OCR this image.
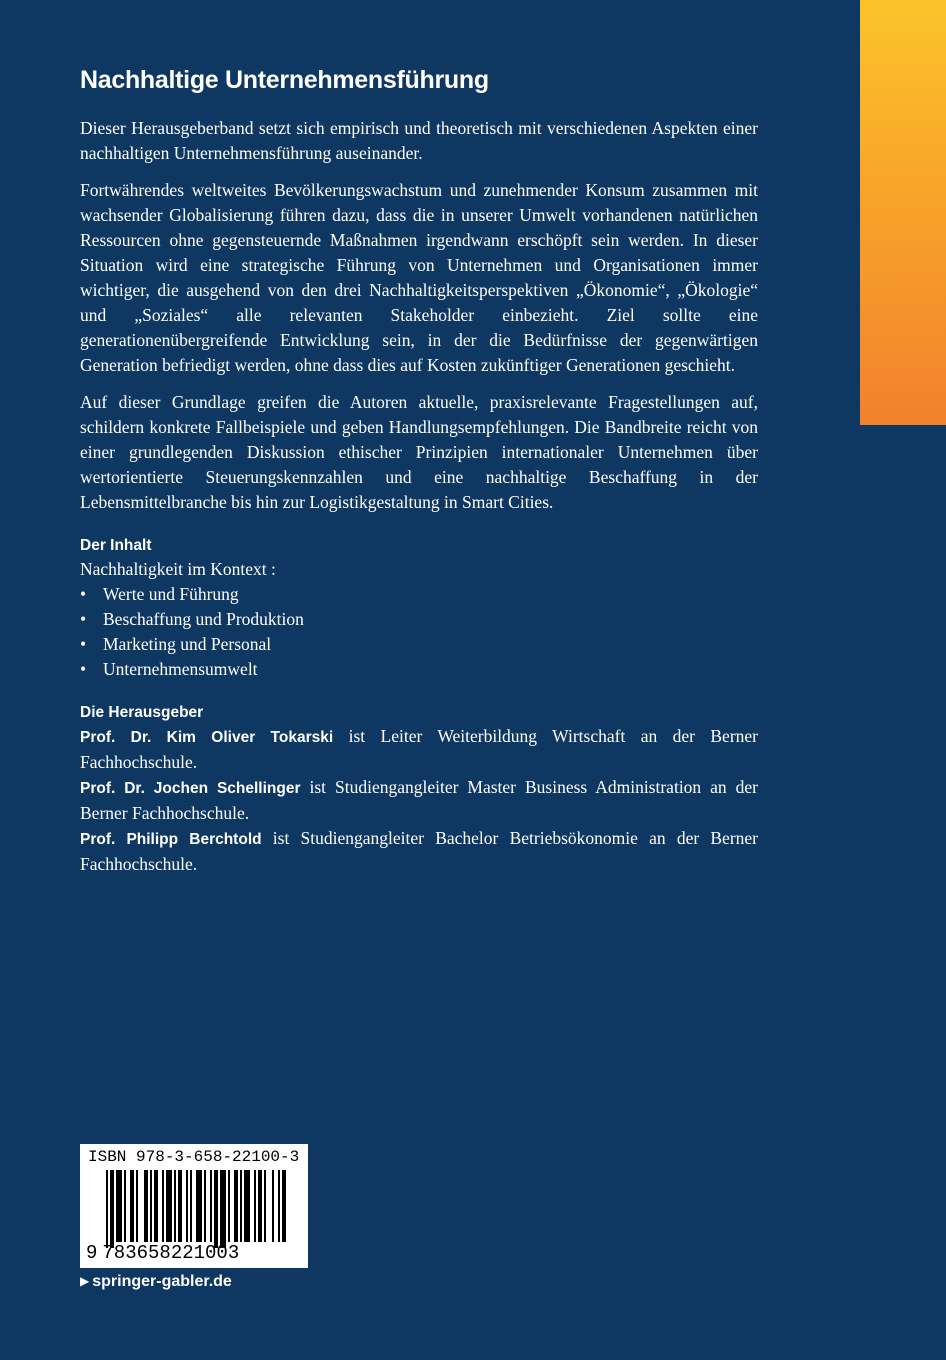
Nachhaltige Unternehmensführung

Dieser Herausgeberband setzt sich empirisch und theoretisch mit verschiedenen Aspekten einer nachhaltigen Unternehmensführung auseinander.

Fortwährendes weltweites Bevölkerungswachstum und zunehmender Konsum zusammen mit wachsender Globalisierung führen dazu, dass die in unserer Umwelt vorhandenen natürlichen Ressourcen ohne gegensteuernde Maßnahmen irgendwann erschöpft sein werden. In dieser Situation wird eine strategische Führung von Unternehmen und Organisationen immer wichtiger, die ausgehend von den drei Nachhaltigkeitsperspektiven „Ökonomie“, „Ökologie“ und „Soziales“ alle relevanten Stakeholder einbezieht. Ziel sollte eine generationenübergreifende Entwicklung sein, in der die Bedürfnisse der gegenwärtigen Generation befriedigt werden, ohne dass dies auf Kosten zukünftiger Generationen geschieht.

Auf dieser Grundlage greifen die Autoren aktuelle, praxisrelevante Fragestellungen auf, schildern konkrete Fallbeispiele und geben Handlungsempfehlungen. Die Bandbreite reicht von einer grundlegenden Diskussion ethischer Prinzipien internationaler Unternehmen über wertorientierte Steuerungskennzahlen und eine nachhaltige Beschaffung in der Lebensmittelbranche bis hin zur Logistikgestaltung in Smart Cities.

Der Inhalt
Nachhaltigkeit im Kontext :
• Werte und Führung
• Beschaffung und Produktion
• Marketing und Personal
• Unternehmensumwelt
Die Herausgeber

Prof. Dr. Kim Oliver Tokarski ist Leiter Weiterbildung Wirtschaft an der Berner Fachhochschule.

Prof. Dr. Jochen Schellinger ist Studiengangleiter Master Business Administration an der Berner Fachhochschule.

Prof. Philipp Berchtold ist Studiengangleiter Bachelor Betriebsökonomie an der Berner Fachhochschule.

ISBN 978-3-658-22100-3
9 783658221003
▶ springer-gabler.de
